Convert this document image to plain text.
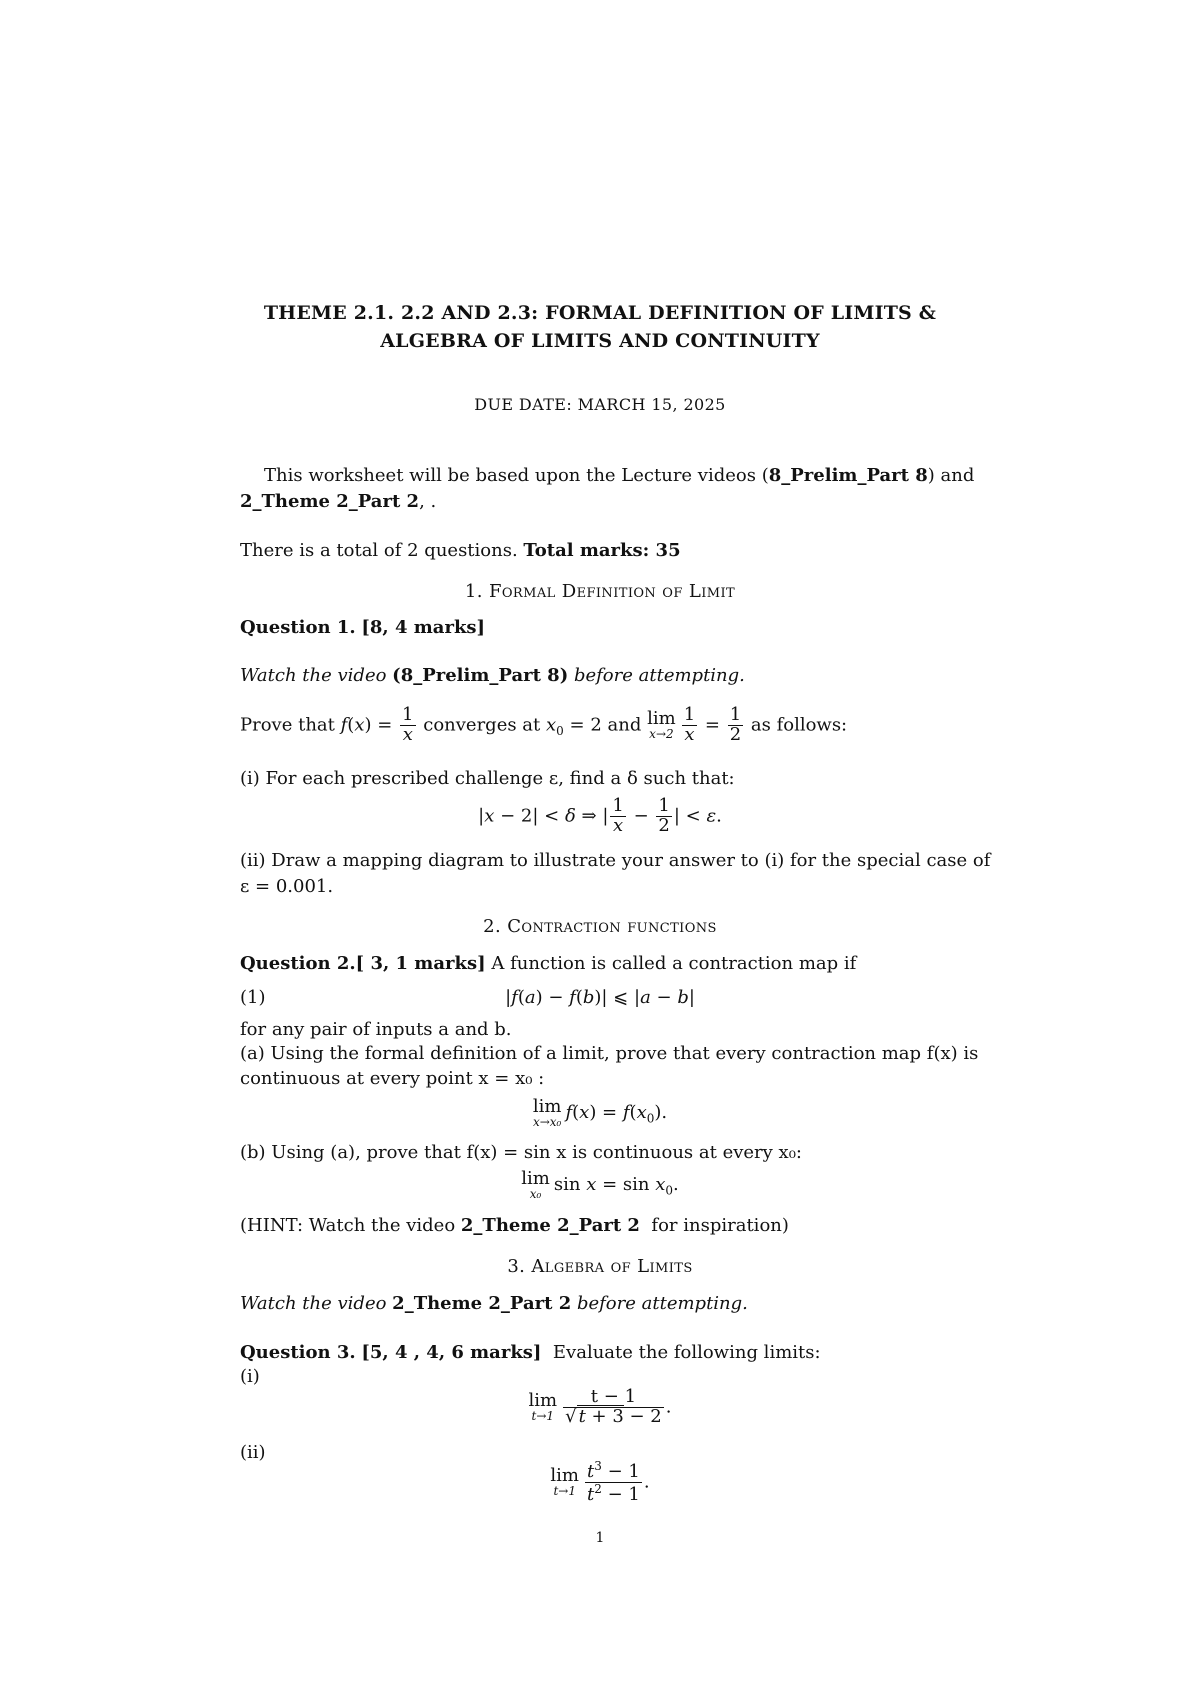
THEME 2.1. 2.2 AND 2.3: FORMAL DEFINITION OF LIMITS &
ALGEBRA OF LIMITS AND CONTINUITY
DUE DATE: MARCH 15, 2025
This worksheet will be based upon the Lecture videos (8_Prelim_Part 8) and
2_Theme 2_Part 2, .
There is a total of 2 questions. Total marks: 35
1. Formal Definition of Limit
Question 1. [8, 4 marks]
Watch the video (8_Prelim_Part 8) before attempting.
Prove that $f(x) = \frac{1}{x}$ converges at $x_0 = 2$ and lim
$x\to 2 \frac{1}{x} = \frac{1}{2}$ as follows:
(i) For each prescribed challenge ε, find a δ such that:
|x − 2| < δ ⇒ | $\frac{1}{x} - \frac{1}{2}$ | < ε.
(ii) Draw a mapping diagram to illustrate your answer to (i) for the special case of
ε = 0.001.
2. Contraction functions
Question 2.[ 3, 1 marks] A function is called a contraction map if
(1)	|f(a) − f(b)| ⩽ |a − b|
for any pair of inputs a and b.
(a) Using the formal definition of a limit, prove that every contraction map f(x) is
continuous at every point x = x₀ :
lim
x→x₀ $f(x) = f(x_0)$.
(b) Using (a), prove that f(x) = sin x is continuous at every x₀:
lim
x₀ $\sin x = \sin x_0$.
(HINT: Watch the video 2_Theme 2_Part 2 for inspiration)
3. Algebra of Limits
Watch the video 2_Theme 2_Part 2 before attempting.
Question 3. [5, 4 , 4, 6 marks] Evaluate the following limits:
(i)
lim
$t\to 1 \frac{t - 1}{√ t + 3 - 2}$ .
(ii)
lim
$t\to 1 \frac{t^3 - 1}{t^2 - 1}$ .
1
